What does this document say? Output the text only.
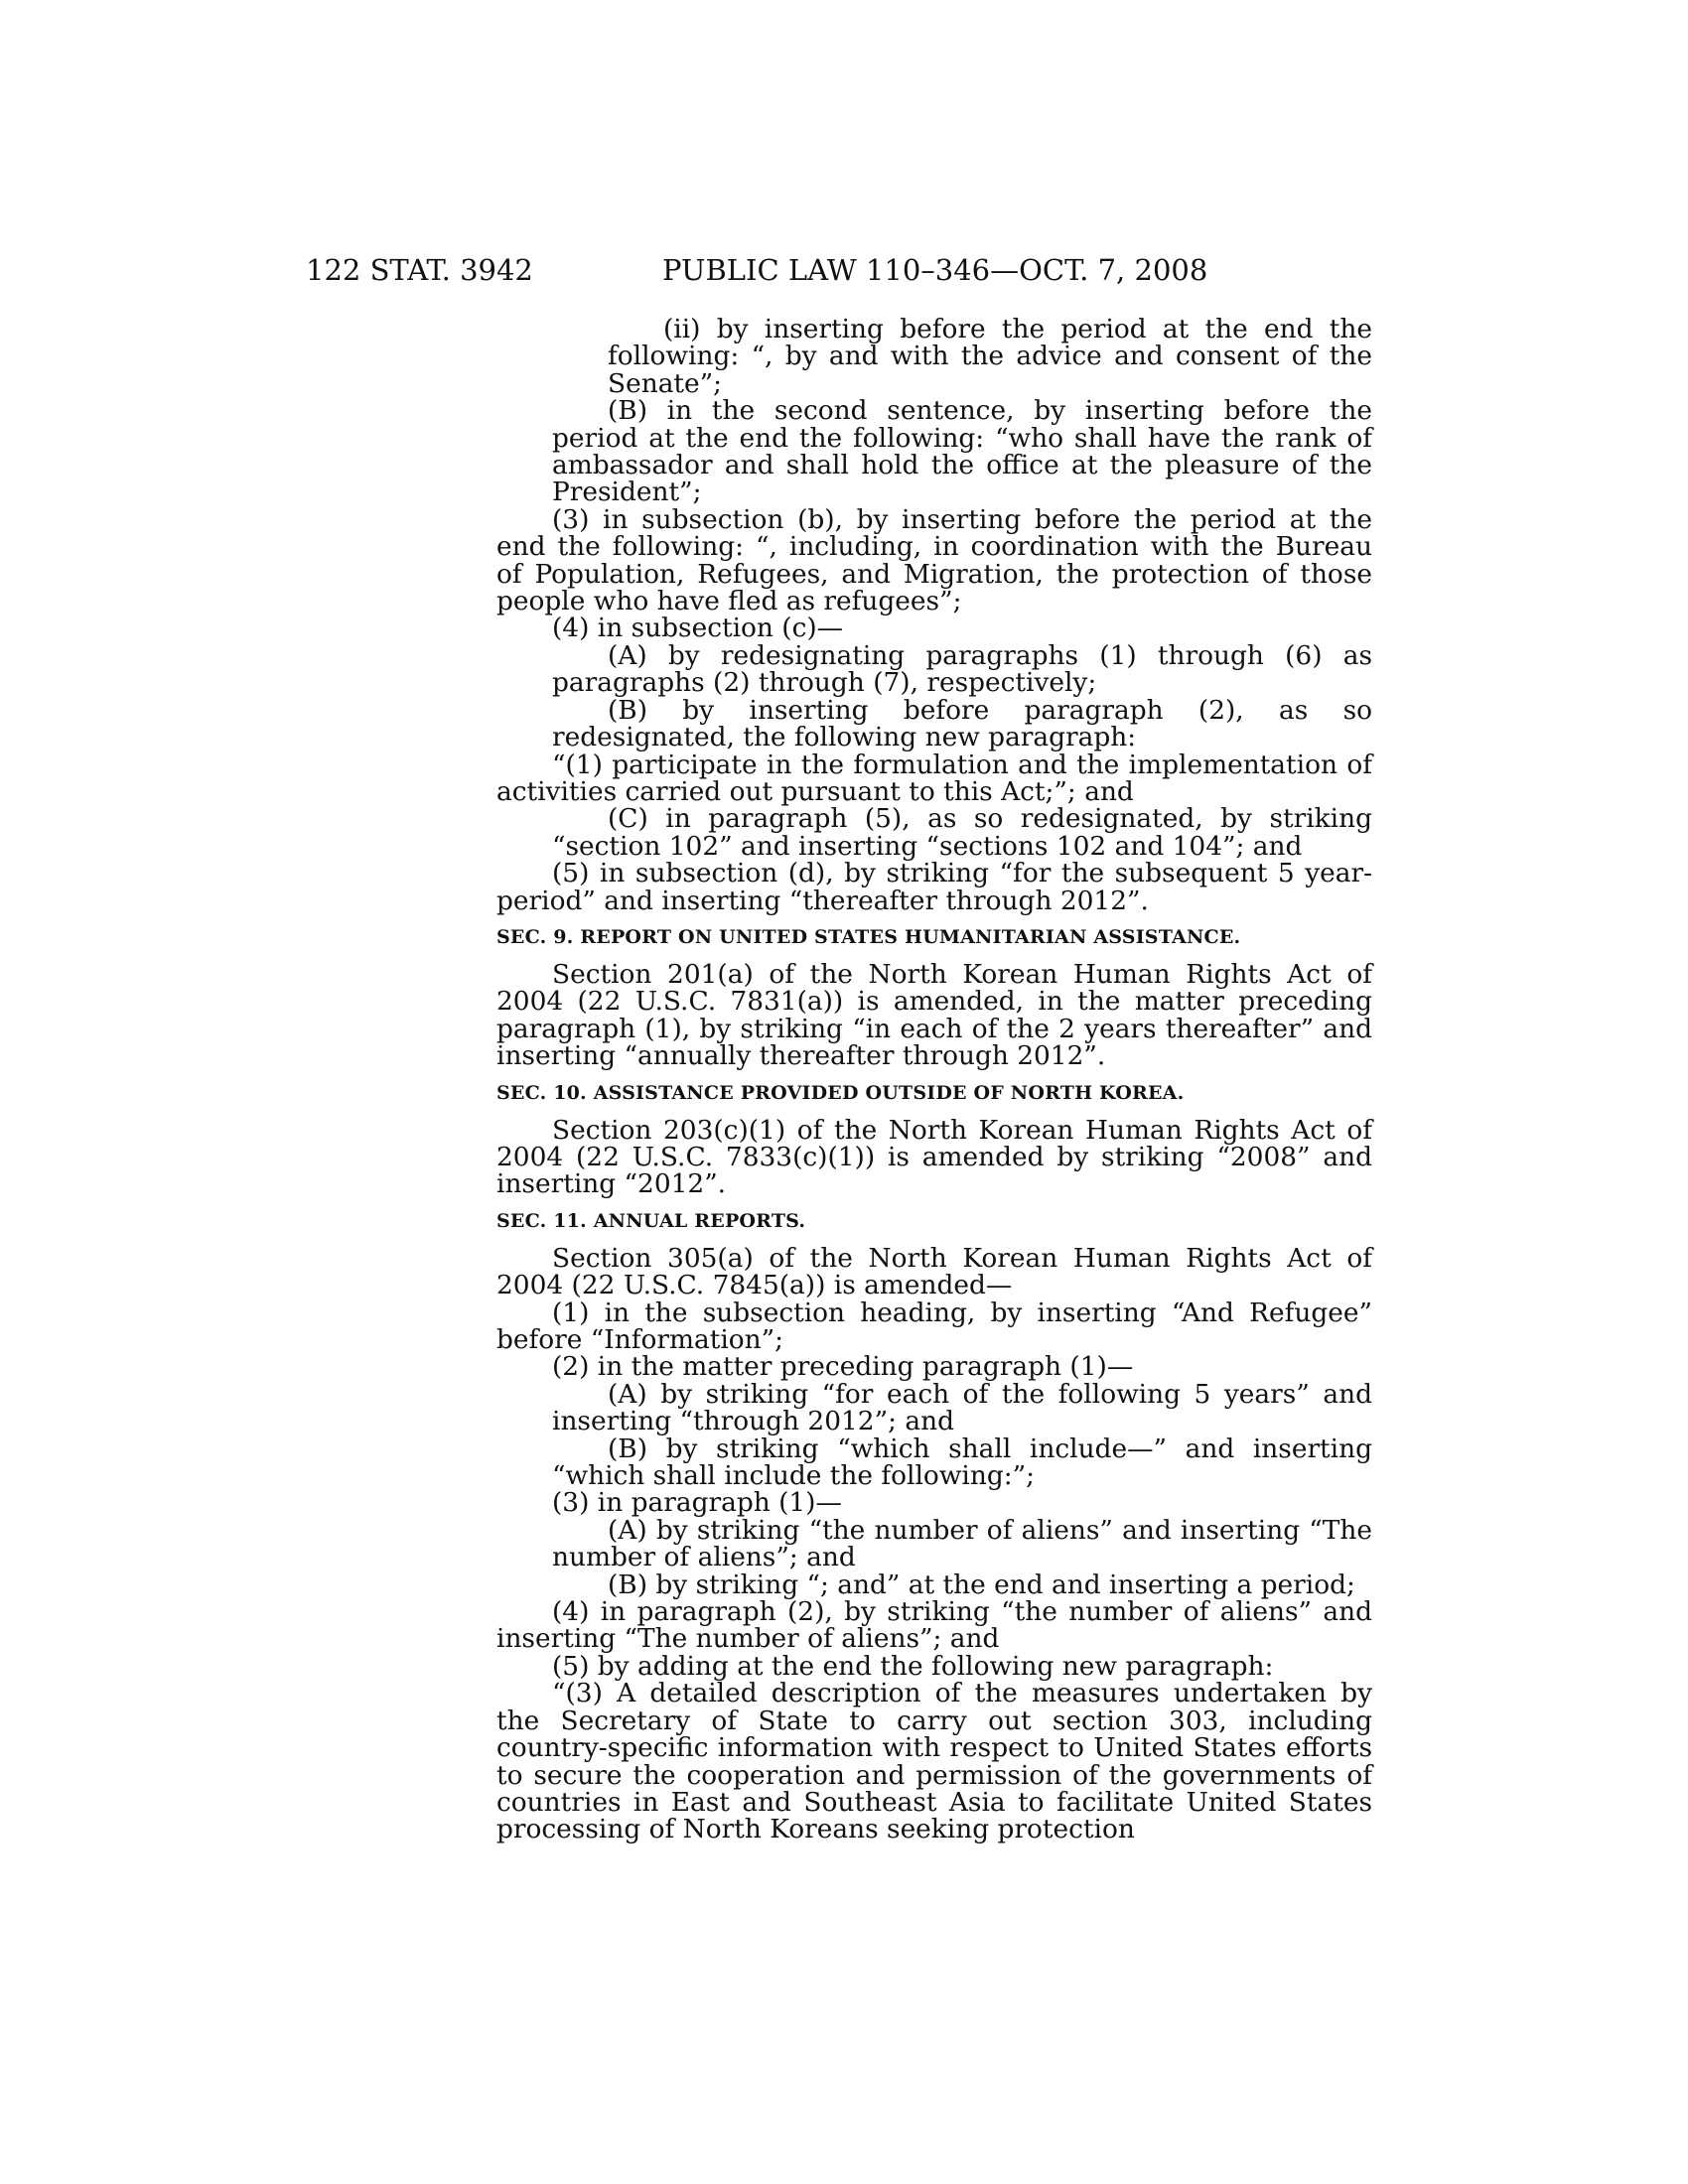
122 STAT. 3942	PUBLIC LAW 110–346—OCT. 7, 2008

(ii) by inserting before the period at the end the following: “, by and with the advice and consent of the Senate”;

(B) in the second sentence, by inserting before the period at the end the following: “who shall have the rank of ambassador and shall hold the office at the pleasure of the President”;

(3) in subsection (b), by inserting before the period at the end the following: “, including, in coordination with the Bureau of Population, Refugees, and Migration, the protection of those people who have fled as refugees”;

(4) in subsection (c)—

(A) by redesignating paragraphs (1) through (6) as paragraphs (2) through (7), respectively;

(B) by inserting before paragraph (2), as so redesignated, the following new paragraph:

“(1) participate in the formulation and the implementation of activities carried out pursuant to this Act;”; and

(C) in paragraph (5), as so redesignated, by striking “section 102” and inserting “sections 102 and 104”; and

(5) in subsection (d), by striking “for the subsequent 5 year-period” and inserting “thereafter through 2012”.

SEC. 9. REPORT ON UNITED STATES HUMANITARIAN ASSISTANCE.

Section 201(a) of the North Korean Human Rights Act of 2004 (22 U.S.C. 7831(a)) is amended, in the matter preceding paragraph (1), by striking “in each of the 2 years thereafter” and inserting “annually thereafter through 2012”.

SEC. 10. ASSISTANCE PROVIDED OUTSIDE OF NORTH KOREA.

Section 203(c)(1) of the North Korean Human Rights Act of 2004 (22 U.S.C. 7833(c)(1)) is amended by striking “2008” and inserting “2012”.

SEC. 11. ANNUAL REPORTS.

Section 305(a) of the North Korean Human Rights Act of 2004 (22 U.S.C. 7845(a)) is amended—

(1) in the subsection heading, by inserting “And Refugee” before “Information”;

(2) in the matter preceding paragraph (1)—

(A) by striking “for each of the following 5 years” and inserting “through 2012”; and

(B) by striking “which shall include—” and inserting “which shall include the following:”;

(3) in paragraph (1)—

(A) by striking “the number of aliens” and inserting “The number of aliens”; and

(B) by striking “; and” at the end and inserting a period;

(4) in paragraph (2), by striking “the number of aliens” and inserting “The number of aliens”; and

(5) by adding at the end the following new paragraph:

“(3) A detailed description of the measures undertaken by the Secretary of State to carry out section 303, including country-specific information with respect to United States efforts to secure the cooperation and permission of the governments of countries in East and Southeast Asia to facilitate United States processing of North Koreans seeking protection
